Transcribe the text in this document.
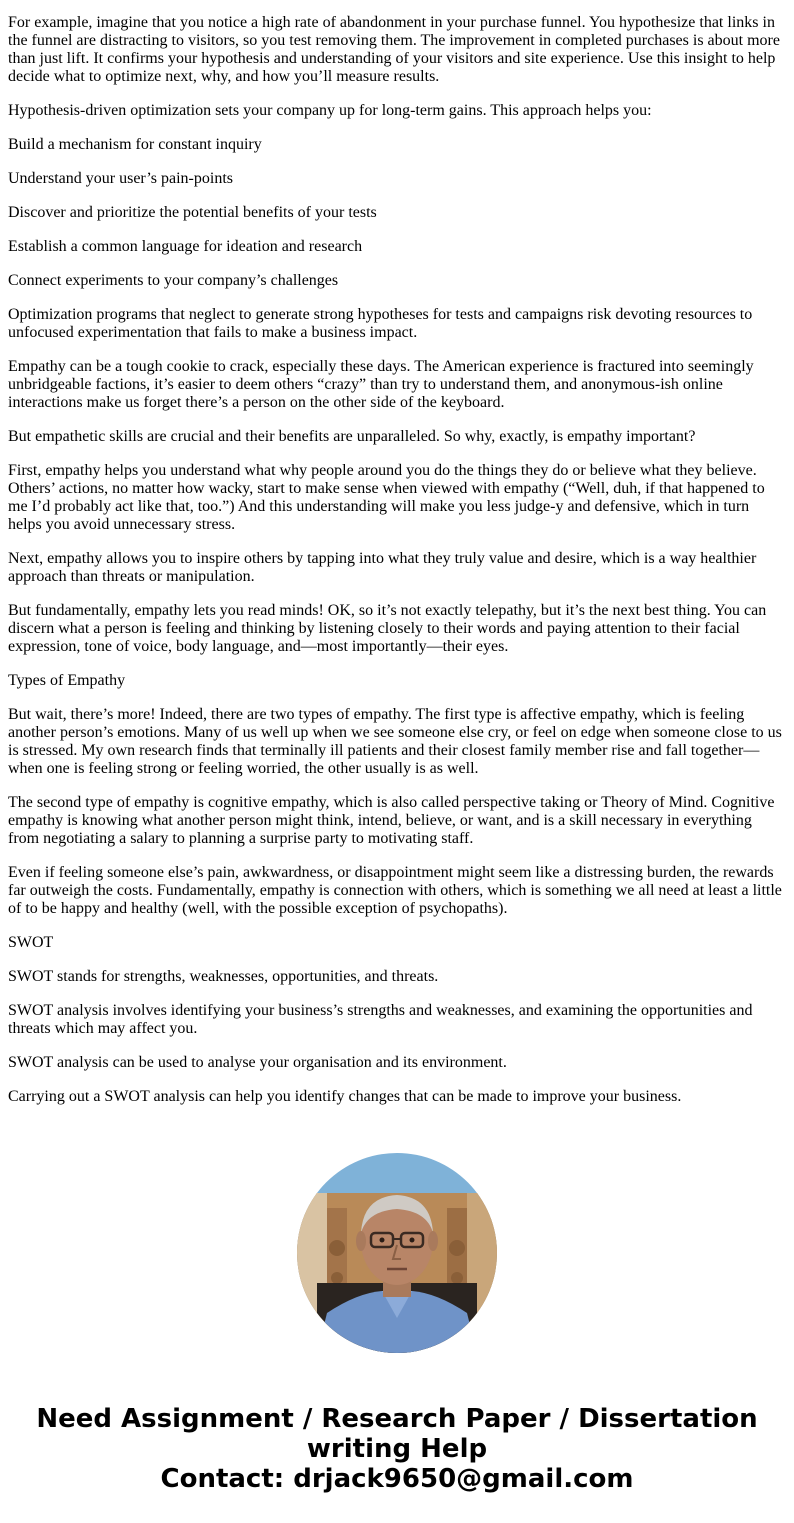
For example, imagine that you notice a high rate of abandonment in your purchase funnel. You hypothesize that links in the funnel are distracting to visitors, so you test removing them. The improvement in completed purchases is about more than just lift. It confirms your hypothesis and understanding of your visitors and site experience. Use this insight to help decide what to optimize next, why, and how you’ll measure results.

Hypothesis-driven optimization sets your company up for long-term gains. This approach helps you:

Build a mechanism for constant inquiry

Understand your user’s pain-points

Discover and prioritize the potential benefits of your tests

Establish a common language for ideation and research

Connect experiments to your company’s challenges

Optimization programs that neglect to generate strong hypotheses for tests and campaigns risk devoting resources to unfocused experimentation that fails to make a business impact.

Empathy can be a tough cookie to crack, especially these days. The American experience is fractured into seemingly unbridgeable factions, it’s easier to deem others “crazy” than try to understand them, and anonymous-ish online interactions make us forget there’s a person on the other side of the keyboard.

But empathetic skills are crucial and their benefits are unparalleled. So why, exactly, is empathy important?

First, empathy helps you understand what why people around you do the things they do or believe what they believe. Others’ actions, no matter how wacky, start to make sense when viewed with empathy (“Well, duh, if that happened to me I’d probably act like that, too.”) And this understanding will make you less judge-y and defensive, which in turn helps you avoid unnecessary stress.

Next, empathy allows you to inspire others by tapping into what they truly value and desire, which is a way healthier approach than threats or manipulation.

But fundamentally, empathy lets you read minds! OK, so it’s not exactly telepathy, but it’s the next best thing. You can discern what a person is feeling and thinking by listening closely to their words and paying attention to their facial expression, tone of voice, body language, and—most importantly—their eyes.

Types of Empathy

But wait, there’s more! Indeed, there are two types of empathy. The first type is affective empathy, which is feeling another person’s emotions. Many of us well up when we see someone else cry, or feel on edge when someone close to us is stressed. My own research finds that terminally ill patients and their closest family member rise and fall together—when one is feeling strong or feeling worried, the other usually is as well.

The second type of empathy is cognitive empathy, which is also called perspective taking or Theory of Mind. Cognitive empathy is knowing what another person might think, intend, believe, or want, and is a skill necessary in everything from negotiating a salary to planning a surprise party to motivating staff.

Even if feeling someone else’s pain, awkwardness, or disappointment might seem like a distressing burden, the rewards far outweigh the costs. Fundamentally, empathy is connection with others, which is something we all need at least a little of to be happy and healthy (well, with the possible exception of psychopaths).

SWOT

SWOT stands for strengths, weaknesses, opportunities, and threats.

SWOT analysis involves identifying your business’s strengths and weaknesses, and examining the opportunities and threats which may affect you.

SWOT analysis can be used to analyse your organisation and its environment.

Carrying out a SWOT analysis can help you identify changes that can be made to improve your business.

Need Assignment / Research Paper / Dissertation
writing Help
Contact: drjack9650@gmail.com
